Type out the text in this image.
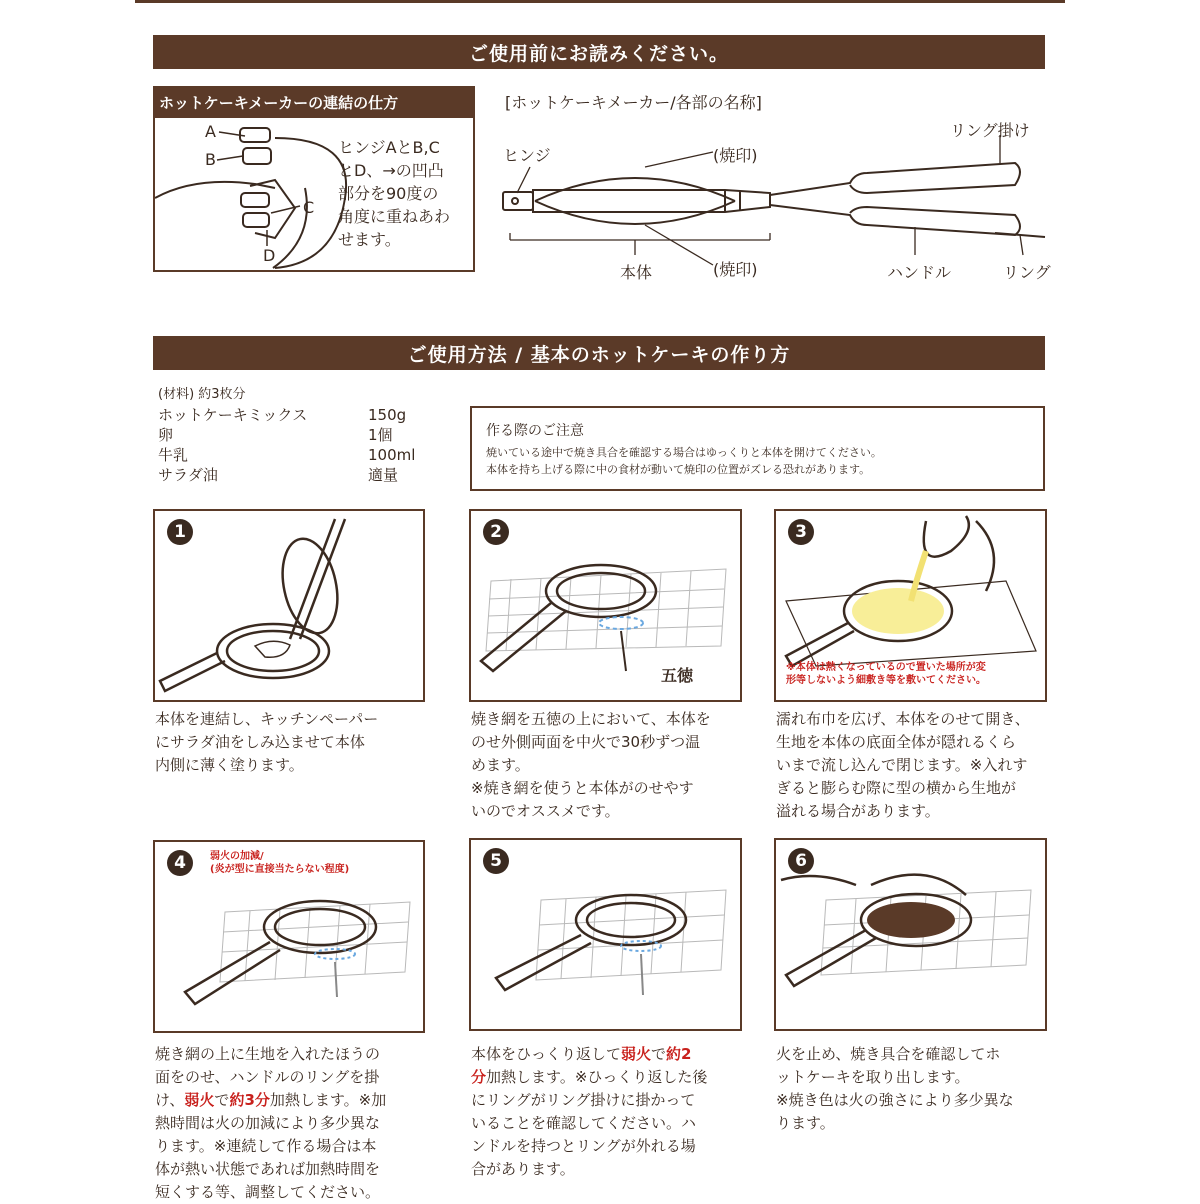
ご使用前にお読みください。
ホットケーキメーカーの連結の仕方
A
B
C
D
ヒンジAとB,C
とD、→の凹凸
部分を90度の
角度に重ねあわ
せます。
[ホットケーキメーカー/各部の名称]
ヒンジ	(焼印)
本体	(焼印)
リング掛け
ハンドル	リング
ご使用方法 / 基本のホットケーキの作り方
(材料) 約3枚分
ホットケーキミックス	150g
卵	1個
牛乳	100ml
サラダ油	適量
作る際のご注意
焼いている途中で焼き具合を確認する場合はゆっくりと本体を開けてください。
本体を持ち上げる際に中の食材が動いて焼印の位置がズレる恐れがあります。
1
本体を連結し、キッチンペーパー
にサラダ油をしみ込ませて本体
内側に薄く塗ります。
2
五徳
焼き網を五徳の上において、本体を
のせ外側両面を中火で30秒ずつ温
めます。
※焼き網を使うと本体がのせやす
いのでオススメです。
3
※本体は熱くなっているので置いた場所が変
形等しないよう細敷き等を敷いてください。
濡れ布巾を広げ、本体をのせて開き、
生地を本体の底面全体が隠れるくら
いまで流し込んで閉じます。※入れす
ぎると膨らむ際に型の横から生地が
溢れる場合があります。
4	弱火の加減/
(炎が型に直接当たらない程度)
焼き網の上に生地を入れたほうの
面をのせ、ハンドルのリングを掛
け、弱火で約3分加熱します。※加
熱時間は火の加減により多少異な
ります。※連続して作る場合は本
体が熱い状態であれば加熱時間を
短くする等、調整してください。
5
本体をひっくり返して弱火で約2
分加熱します。※ひっくり返した後
にリングがリング掛けに掛かって
いることを確認してください。ハ
ンドルを持つとリングが外れる場
合があります。
6
火を止め、焼き具合を確認してホ
ットケーキを取り出します。
※焼き色は火の強さにより多少異な
ります。
